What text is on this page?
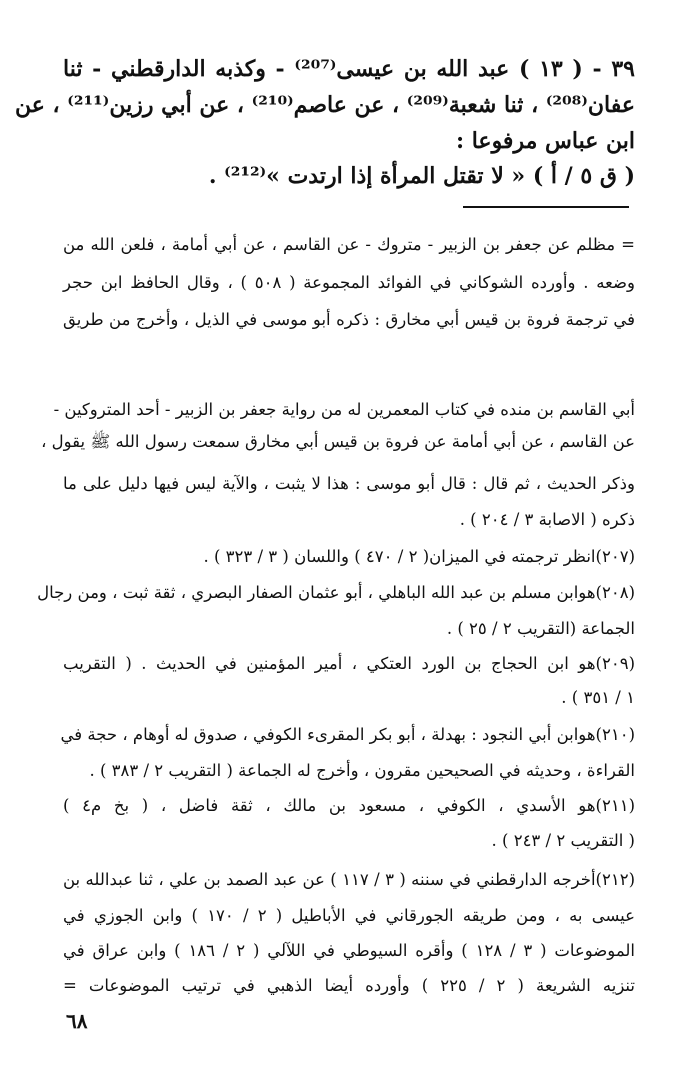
٣٩ - ( ١٣ ) عبد الله بن عيسى⁽²⁰⁷⁾ - وكذبه الدارقطني - ثنا
عفان⁽²⁰⁸⁾ ، ثنا شعبة⁽²⁰⁹⁾ ، عن عاصم⁽²¹⁰⁾ ، عن أبي رزين⁽²¹¹⁾ ، عن
ابن عباس مرفوعا :
( ق ٥ / أ ) « لا تقتل المرأة إذا ارتدت »⁽²¹²⁾ .
= مظلم عن جعفر بن الزبير - متروك - عن القاسم ، عن أبي أمامة ، فلعن الله من
وضعه . وأورده الشوكاني في الفوائد المجموعة ( ٥٠٨ ) ، وقال الحافظ ابن حجر
في ترجمة فروة بن قيس أبي مخارق : ذكره أبو موسى في الذيل ، وأخرج من طريق
أبي القاسم بن منده في كتاب المعمرين له من رواية جعفر بن الزبير - أحد المتروكين -
عن القاسم ، عن أبي أمامة عن فروة بن قيس أبي مخارق سمعت رسول الله ﷺ يقول ،
وذكر الحديث ، ثم قال : قال أبو موسى : هذا لا يثبت ، والآية ليس فيها دليل على ما
ذكره ( الاصابة ٣ / ٢٠٤ ) .
(٢٠٧)انظر ترجمته في الميزان( ٢ / ٤٧٠ ) واللسان ( ٣ / ٣٢٣ ) .
(٢٠٨)هوابن مسلم بن عبد الله الباهلي ، أبو عثمان الصفار البصري ، ثقة ثبت ، ومن رجال
الجماعة (التقريب ٢ / ٢٥ ) .
(٢٠٩)هو ابن الحجاج بن الورد العتكي ، أمير المؤمنين في الحديث . ( التقريب
١ / ٣٥١ ) .
(٢١٠)هوابن أبي النجود : بهدلة ، أبو بكر المقرىء الكوفي ، صدوق له أوهام ، حجة في
القراءة ، وحديثه في الصحيحين مقرون ، وأخرج له الجماعة ( التقريب ٢ / ٣٨٣ ) .
(٢١١)هو الأسدي ، الكوفي ، مسعود بن مالك ، ثقة فاضل ، ( بخ م٤ )
( التقريب ٢ / ٢٤٣ ) .
(٢١٢)أخرجه الدارقطني في سننه ( ٣ / ١١٧ ) عن عبد الصمد بن علي ، ثنا عبدالله بن
عيسى به ، ومن طريقه الجورقاني في الأباطيل ( ٢ / ١٧٠ ) وابن الجوزي في
الموضوعات ( ٣ / ١٢٨ ) وأقره السيوطي في اللآلي ( ٢ / ١٨٦ ) وابن عراق في
تنزيه الشريعة ( ٢ / ٢٢٥ ) وأورده أيضا الذهبي في ترتيب الموضوعات =
٦٨
